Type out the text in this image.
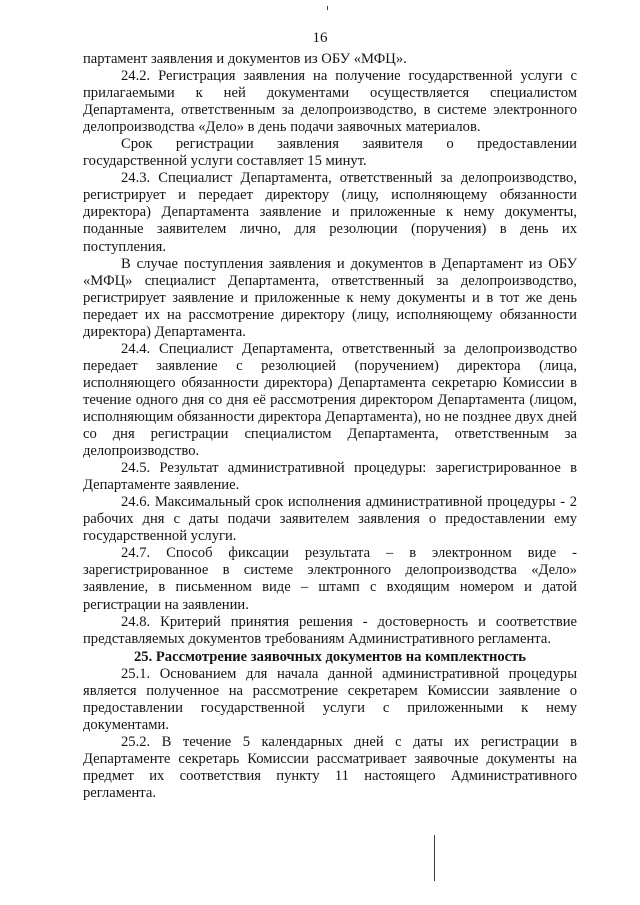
16

партамент заявления и документов из ОБУ «МФЦ».

24.2. Регистрация заявления на получение государственной услуги с прилагаемыми к ней документами осуществляется специалистом Департамента, ответственным за делопроизводство, в системе электронного делопроизводства «Дело» в день подачи заявочных материалов.

Срок регистрации заявления заявителя о предоставлении государственной услуги составляет 15 минут.

24.3. Специалист Департамента, ответственный за делопроизводство, регистрирует и передает директору (лицу, исполняющему обязанности директора) Департамента заявление и приложенные к нему документы, поданные заявителем лично, для резолюции (поручения) в день их поступления.

В случае поступления заявления и документов в Департамент из ОБУ «МФЦ» специалист Департамента, ответственный за делопроизводство, регистрирует заявление и приложенные к нему документы и в тот же день передает их на рассмотрение директору (лицу, исполняющему обязанности директора) Департамента.

24.4. Специалист Департамента, ответственный за делопроизводство передает заявление с резолюцией (поручением) директора (лица, исполняющего обязанности директора) Департамента секретарю Комиссии в течение одного дня со дня её рассмотрения директором Департамента (лицом, исполняющим обязанности директора Департамента), но не позднее двух дней со дня регистрации специалистом Департамента, ответственным за делопроизводство.

24.5. Результат административной процедуры: зарегистрированное в Департаменте заявление.

24.6. Максимальный срок исполнения административной процедуры - 2 рабочих дня с даты подачи заявителем заявления о предоставлении ему государственной услуги.

24.7. Способ фиксации результата – в электронном виде - зарегистрированное в системе электронного делопроизводства «Дело» заявление, в письменном виде – штамп с входящим номером и датой регистрации на заявлении.

24.8. Критерий принятия решения - достоверность и соответствие представляемых документов требованиям Административного регламента.

25. Рассмотрение заявочных документов на комплектность

25.1. Основанием для начала данной административной процедуры является полученное на рассмотрение секретарем Комиссии заявление о предоставлении государственной услуги с приложенными к нему документами.

25.2. В течение 5 календарных дней с даты их регистрации в Департаменте секретарь Комиссии рассматривает заявочные документы на предмет их соответствия пункту 11 настоящего Административного регламента.
